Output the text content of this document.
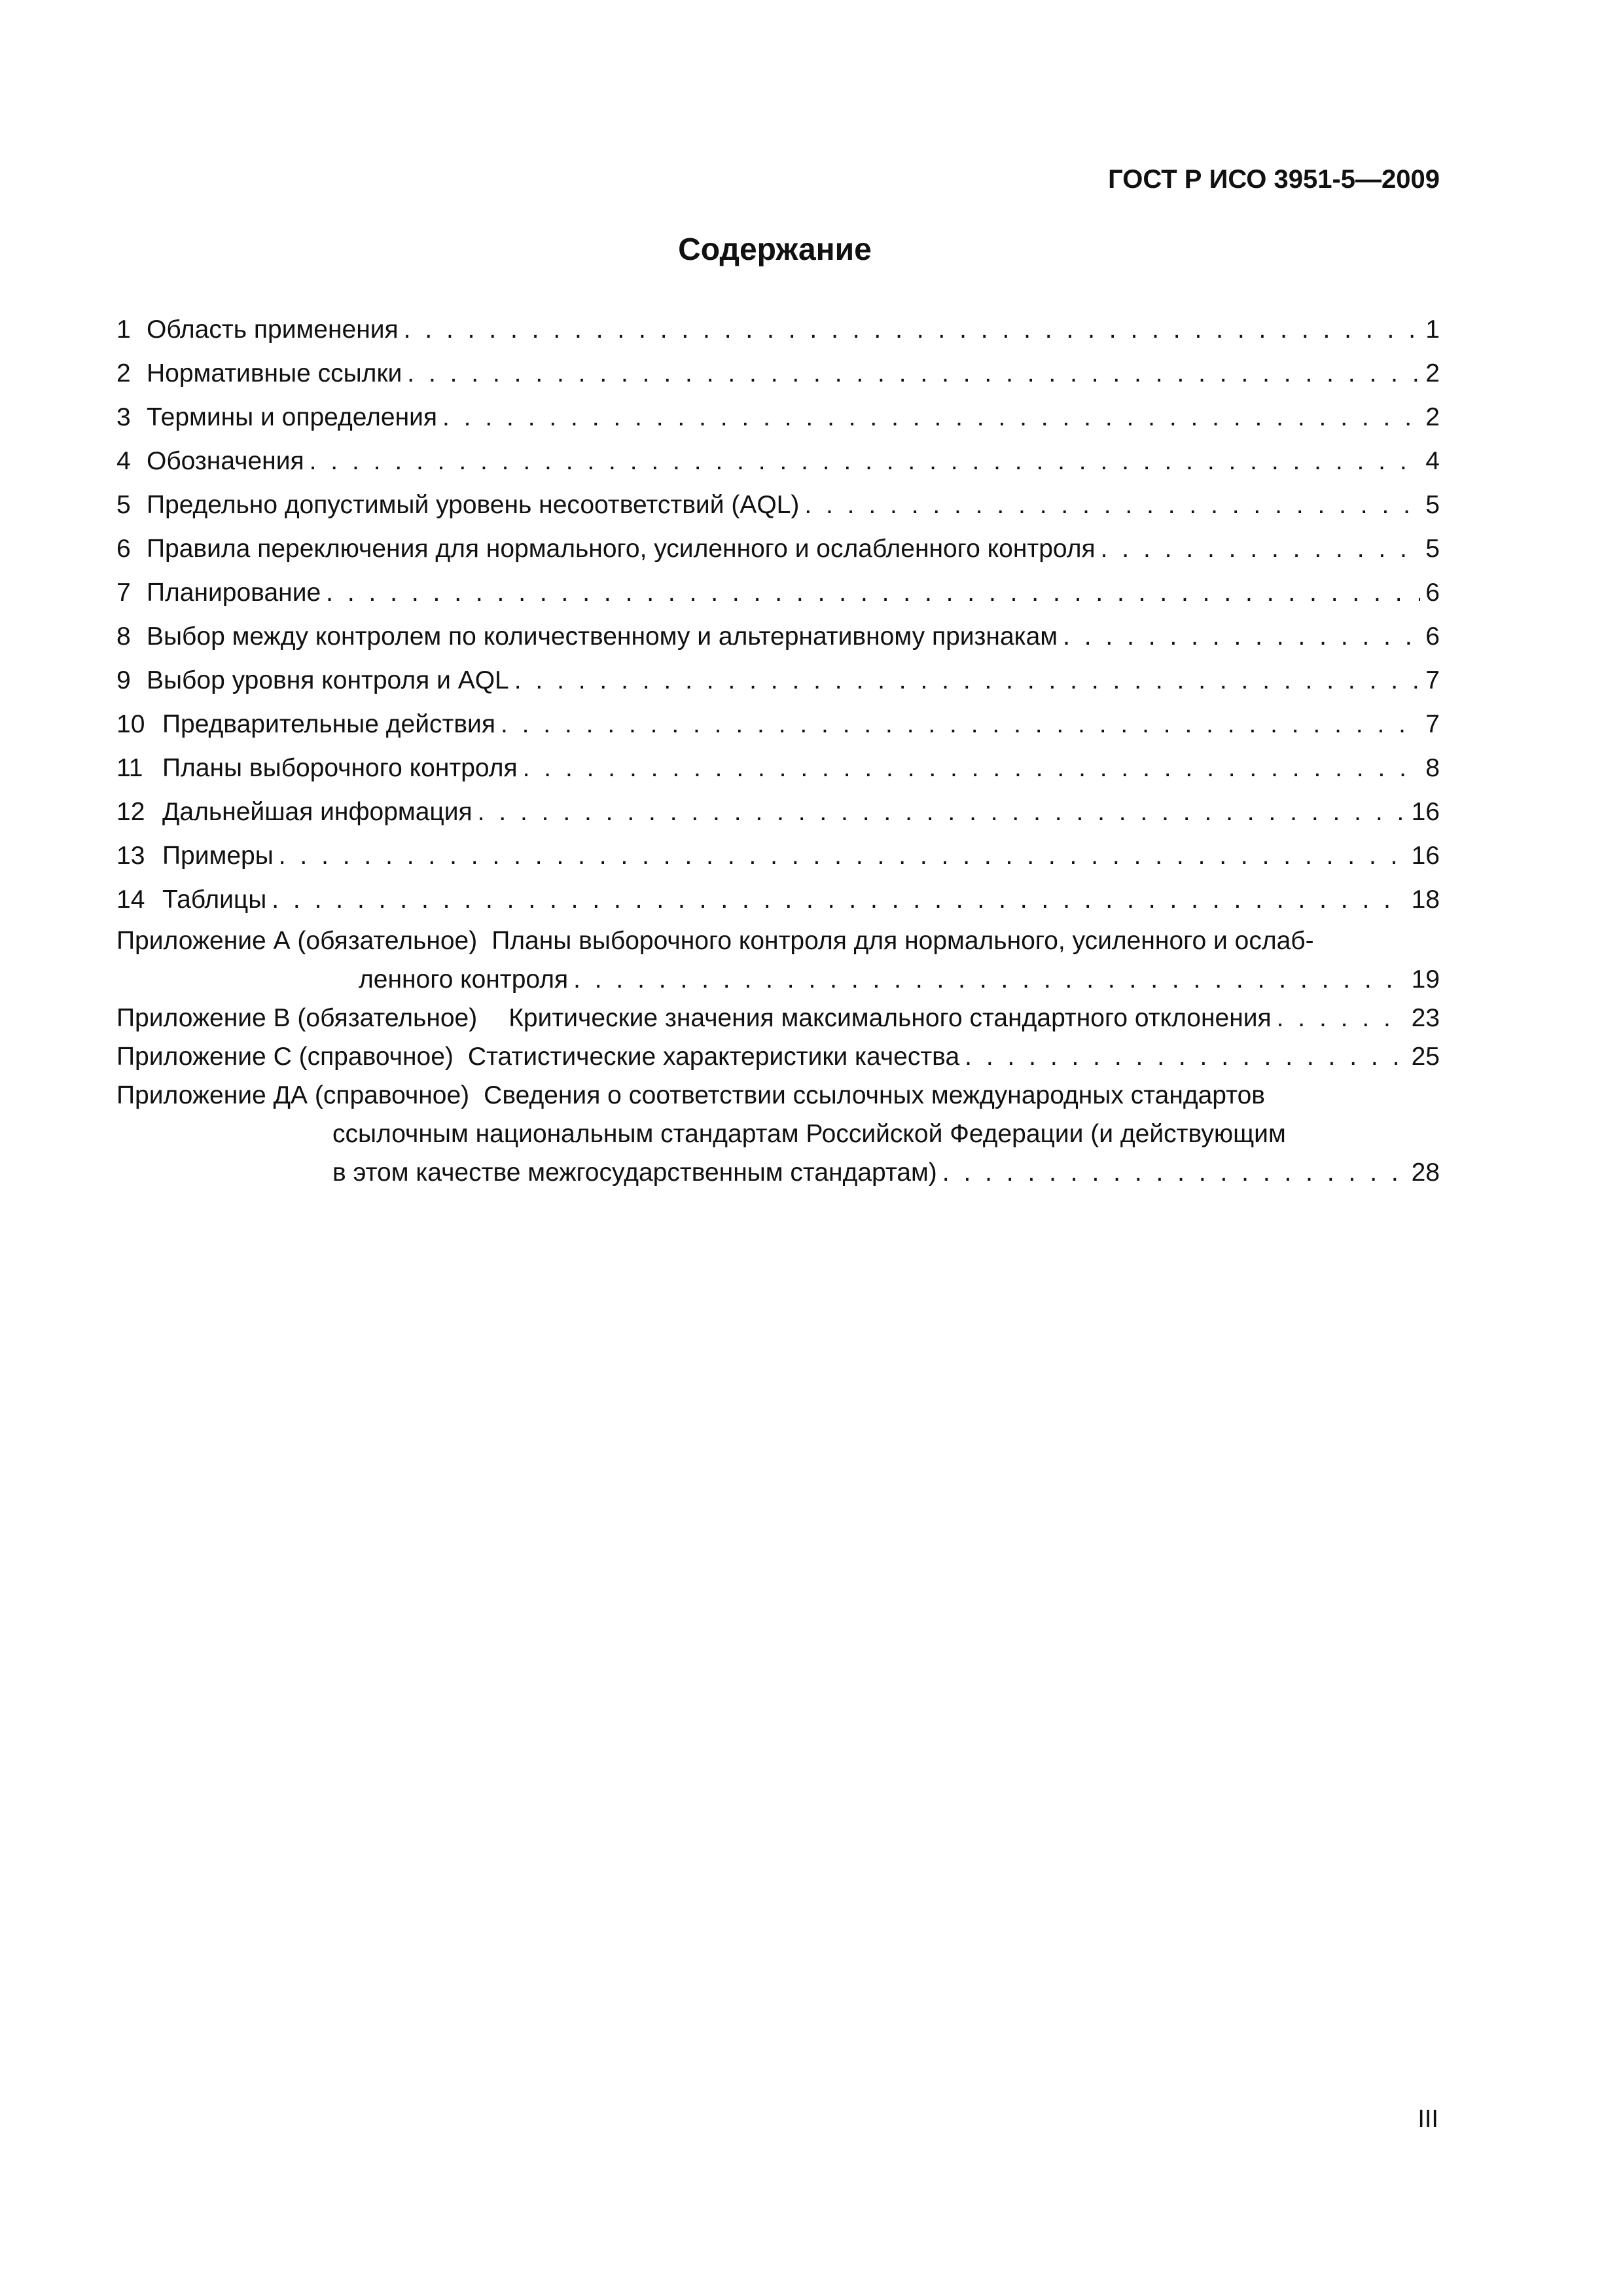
ГОСТ Р ИСО 3951-5—2009
Содержание
1 Область применения . . .	1
2 Нормативные ссылки . . .	2
3 Термины и определения . . .	2
4 Обозначения . . .	4
5 Предельно допустимый уровень несоответствий (AQL) . . .	5
6 Правила переключения для нормального, усиленного и ослабленного контроля . . .	5
7 Планирование . . .	6
8 Выбор между контролем по количественному и альтернативному признакам . . .	6
9 Выбор уровня контроля и AQL . . .	7
10 Предварительные действия . . .	7
11 Планы выборочного контроля . . .	8
12 Дальнейшая информация . . .	16
13 Примеры . . .	16
14 Таблицы . . .	18
Приложение А (обязательное) Планы выборочного контроля для нормального, усиленного и ослаб-
ленного контроля . . .	19
Приложение В (обязательное) Критические значения максимального стандартного отклонения . . .	23
Приложение С (справочное) Статистические характеристики качества . . .	25
Приложение ДА (справочное) Сведения о соответствии ссылочных международных стандартов
ссылочным национальным стандартам Российской Федерации (и действующим
в этом качестве межгосударственным стандартам) . . .	28
III
